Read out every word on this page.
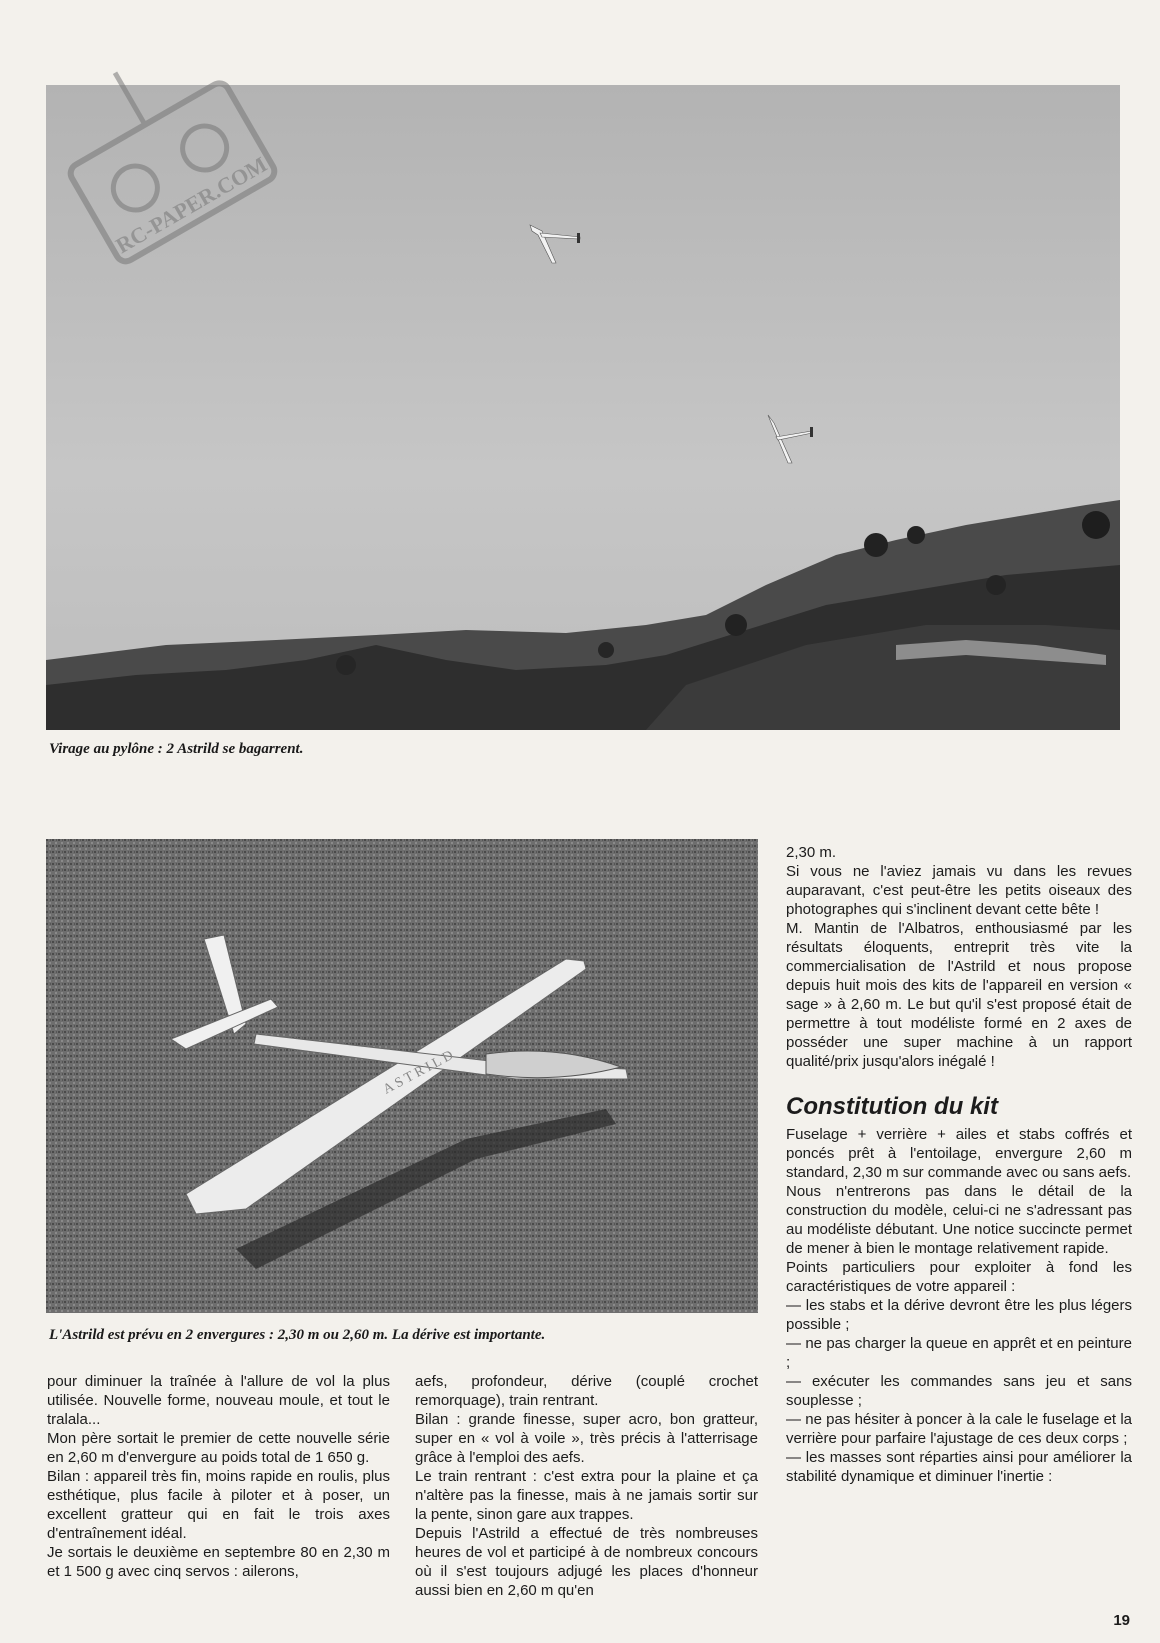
RC-PAPER.COM
Virage au pylône : 2 Astrild se bagarrent.
ASTRILD
L'Astrild est prévu en 2 envergures : 2,30 m ou 2,60 m. La dérive est importante.

pour diminuer la traînée à l'allure de vol la plus utilisée. Nouvelle forme, nouveau moule, et tout le tralala...

Mon père sortait le premier de cette nouvelle série en 2,60 m d'envergure au poids total de 1 650 g.

Bilan : appareil très fin, moins rapide en roulis, plus esthétique, plus facile à piloter et à poser, un excellent gratteur qui en fait le trois axes d'entraînement idéal.

Je sortais le deuxième en septembre 80 en 2,30 m et 1 500 g avec cinq servos : ailerons,

aefs, profondeur, dérive (couplé crochet remorquage), train rentrant.

Bilan : grande finesse, super acro, bon gratteur, super en « vol à voile », très précis à l'atterrisage grâce à l'emploi des aefs.

Le train rentrant : c'est extra pour la plaine et ça n'altère pas la finesse, mais à ne jamais sortir sur la pente, sinon gare aux trappes.

Depuis l'Astrild a effectué de très nombreuses heures de vol et participé à de nombreux concours où il s'est toujours adjugé les places d'honneur aussi bien en 2,60 m qu'en

2,30 m.

Si vous ne l'aviez jamais vu dans les revues auparavant, c'est peut-être les petits oiseaux des photographes qui s'inclinent devant cette bête !

M. Mantin de l'Albatros, enthousiasmé par les résultats éloquents, entreprit très vite la commercialisation de l'Astrild et nous propose depuis huit mois des kits de l'appareil en version « sage » à 2,60 m. Le but qu'il s'est proposé était de permettre à tout modéliste formé en 2 axes de posséder une super machine à un rapport qualité/prix jusqu'alors inégalé !

Constitution du kit

Fuselage + verrière + ailes et stabs coffrés et poncés prêt à l'entoilage, envergure 2,60 m standard, 2,30 m sur commande avec ou sans aefs.

Nous n'entrerons pas dans le détail de la construction du modèle, celui-ci ne s'adressant pas au modéliste débutant. Une notice succincte permet de mener à bien le montage relativement rapide.

Points particuliers pour exploiter à fond les caractéristiques de votre appareil :

— les stabs et la dérive devront être les plus légers possible ;

— ne pas charger la queue en apprêt et en peinture ;

— exécuter les commandes sans jeu et sans souplesse ;

— ne pas hésiter à poncer à la cale le fuselage et la verrière pour parfaire l'ajustage de ces deux corps ;

— les masses sont réparties ainsi pour améliorer la stabilité dynamique et diminuer l'inertie :

19
